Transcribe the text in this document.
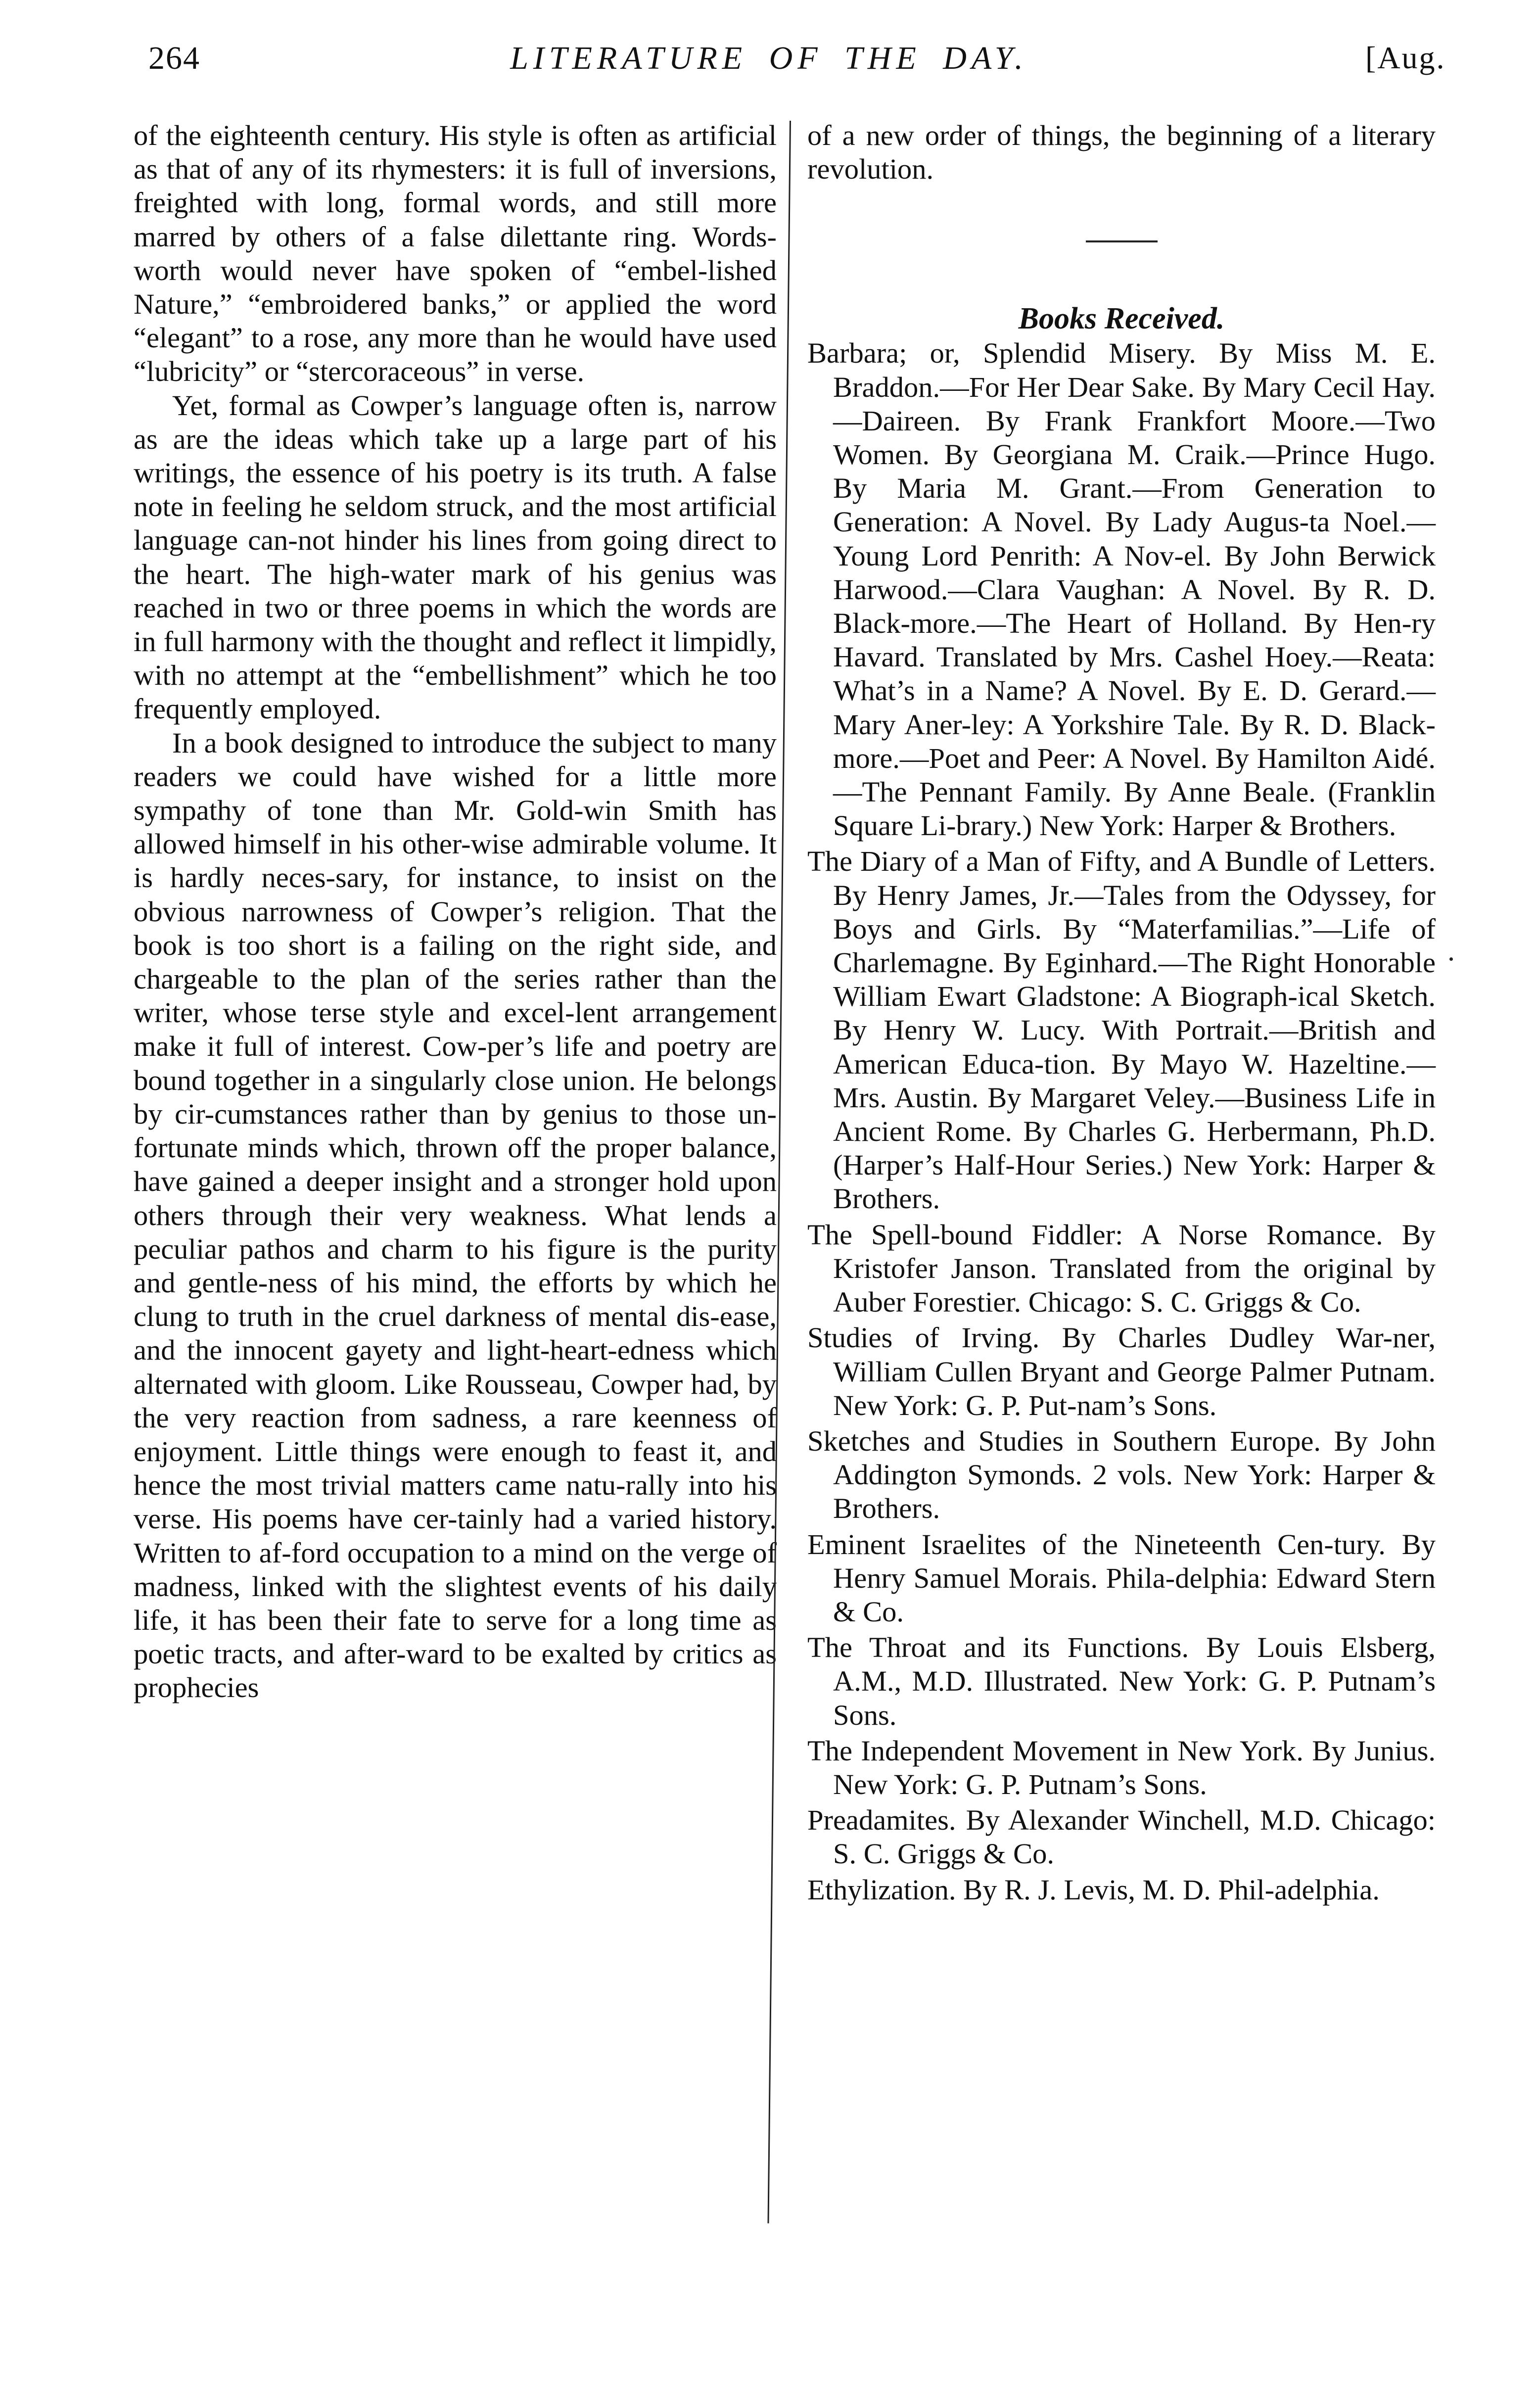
264	LITERATURE OF THE DAY.	[Aug.

of the eighteenth century. His style is often as artificial as that of any of its rhymesters: it is full of inversions, freighted with long, formal words, and still more marred by others of a false dilettante ring. Words-worth would never have spoken of “embel-lished Nature,” “embroidered banks,” or applied the word “elegant” to a rose, any more than he would have used “lubricity” or “stercoraceous” in verse.

Yet, formal as Cowper’s language often is, narrow as are the ideas which take up a large part of his writings, the essence of his poetry is its truth. A false note in feeling he seldom struck, and the most artificial language can-not hinder his lines from going direct to the heart. The high-water mark of his genius was reached in two or three poems in which the words are in full harmony with the thought and reflect it limpidly, with no attempt at the “embellishment” which he too frequently employed.

In a book designed to introduce the subject to many readers we could have wished for a little more sympathy of tone than Mr. Gold-win Smith has allowed himself in his other-wise admirable volume. It is hardly neces-sary, for instance, to insist on the obvious narrowness of Cowper’s religion. That the book is too short is a failing on the right side, and chargeable to the plan of the series rather than the writer, whose terse style and excel-lent arrangement make it full of interest. Cow-per’s life and poetry are bound together in a singularly close union. He belongs by cir-cumstances rather than by genius to those un-fortunate minds which, thrown off the proper balance, have gained a deeper insight and a stronger hold upon others through their very weakness. What lends a peculiar pathos and charm to his figure is the purity and gentle-ness of his mind, the efforts by which he clung to truth in the cruel darkness of mental dis-ease, and the innocent gayety and light-heart-edness which alternated with gloom. Like Rousseau, Cowper had, by the very reaction from sadness, a rare keenness of enjoyment. Little things were enough to feast it, and hence the most trivial matters came natu-rally into his verse. His poems have cer-tainly had a varied history. Written to af-ford occupation to a mind on the verge of madness, linked with the slightest events of his daily life, it has been their fate to serve for a long time as poetic tracts, and after-ward to be exalted by critics as prophecies

of a new order of things, the beginning of a literary revolution.

Books Received.

Barbara; or, Splendid Misery. By Miss M. E. Braddon.—For Her Dear Sake. By Mary Cecil Hay.—Daireen. By Frank Frankfort Moore.—Two Women. By Georgiana M. Craik.—Prince Hugo. By Maria M. Grant.—From Generation to Generation: A Novel. By Lady Augus-ta Noel.—Young Lord Penrith: A Nov-el. By John Berwick Harwood.—Clara Vaughan: A Novel. By R. D. Black-more.—The Heart of Holland. By Hen-ry Havard. Translated by Mrs. Cashel Hoey.—Reata: What’s in a Name? A Novel. By E. D. Gerard.—Mary Aner-ley: A Yorkshire Tale. By R. D. Black-more.—Poet and Peer: A Novel. By Hamilton Aidé.—The Pennant Family. By Anne Beale. (Franklin Square Li-brary.) New York: Harper & Brothers.

The Diary of a Man of Fifty, and A Bundle of Letters. By Henry James, Jr.—Tales from the Odyssey, for Boys and Girls. By “Materfamilias.”—Life of Charlemagne. By Eginhard.—The Right Honorable William Ewart Gladstone: A Biograph-ical Sketch. By Henry W. Lucy. With Portrait.—British and American Educa-tion. By Mayo W. Hazeltine.—Mrs. Austin. By Margaret Veley.—Business Life in Ancient Rome. By Charles G. Herbermann, Ph.D. (Harper’s Half-Hour Series.) New York: Harper & Brothers.

The Spell-bound Fiddler: A Norse Romance. By Kristofer Janson. Translated from the original by Auber Forestier. Chicago: S. C. Griggs & Co.

Studies of Irving. By Charles Dudley War-ner, William Cullen Bryant and George Palmer Putnam. New York: G. P. Put-nam’s Sons.

Sketches and Studies in Southern Europe. By John Addington Symonds. 2 vols. New York: Harper & Brothers.

Eminent Israelites of the Nineteenth Cen-tury. By Henry Samuel Morais. Phila-delphia: Edward Stern & Co.

The Throat and its Functions. By Louis Elsberg, A.M., M.D. Illustrated. New York: G. P. Putnam’s Sons.

The Independent Movement in New York. By Junius. New York: G. P. Putnam’s Sons.

Preadamites. By Alexander Winchell, M.D. Chicago: S. C. Griggs & Co.

Ethylization. By R. J. Levis, M. D. Phil-adelphia.
